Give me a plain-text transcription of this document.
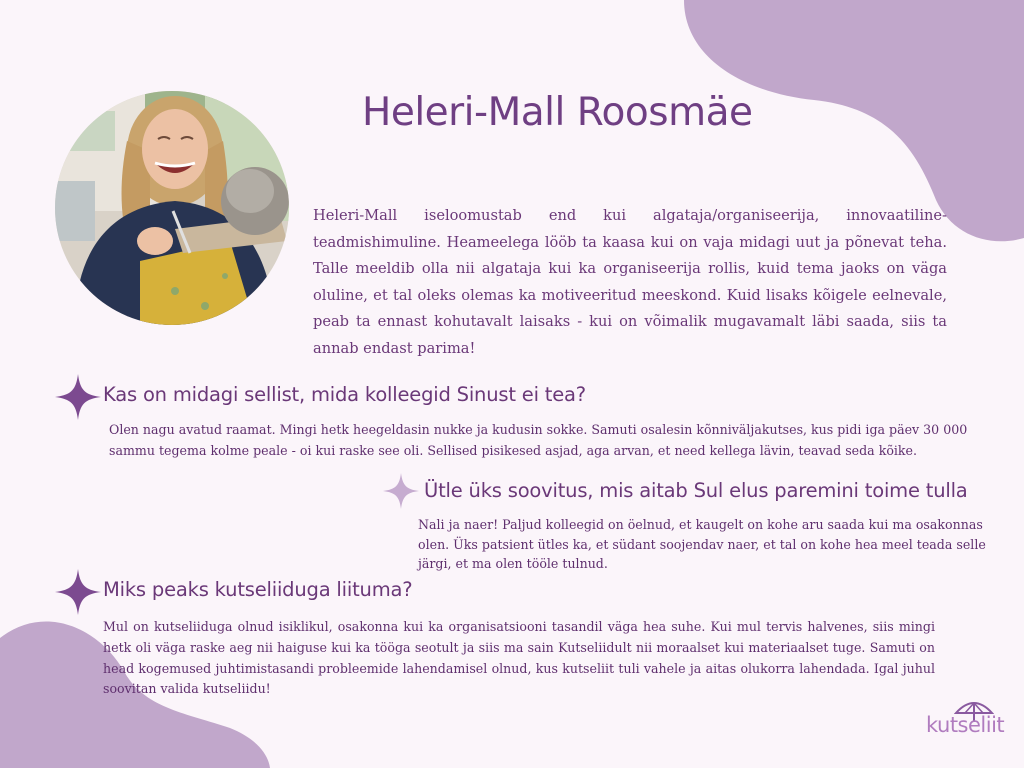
Heleri-Mall Roosmäe
Heleri-Mall iseloomustab end kui algataja/organiseerija, innovaatiline-teadmishimuline. Heameelega lööb ta kaasa kui on vaja midagi uut ja põnevat teha. Talle meeldib olla nii algataja kui ka organiseerija rollis, kuid tema jaoks on väga oluline, et tal oleks olemas ka motiveeritud meeskond. Kuid lisaks kõigele eelnevale, peab ta ennast kohutavalt laisaks - kui on võimalik mugavamalt läbi saada, siis ta annab endast parima!
Kas on midagi sellist, mida kolleegid Sinust ei tea?
Olen nagu avatud raamat. Mingi hetk heegeldasin nukke ja kudusin sokke. Samuti osalesin kõnniväljakutses, kus pidi iga päev 30 000 sammu tegema kolme peale - oi kui raske see oli. Sellised pisikesed asjad, aga arvan, et need kellega lävin, teavad seda kõike.
Ütle üks soovitus, mis aitab Sul elus paremini toime tulla
Nali ja naer! Paljud kolleegid on öelnud, et kaugelt on kohe aru saada kui ma osakonnas olen. Üks patsient ütles ka, et südant soojendav naer, et tal on kohe hea meel teada selle järgi, et ma olen tööle tulnud.
Miks peaks kutseliiduga liituma?
Mul on kutseliiduga olnud isiklikul, osakonna kui ka organisatsiooni tasandil väga hea suhe. Kui mul tervis halvenes, siis mingi hetk oli väga raske aeg nii haiguse kui ka tööga seotult ja siis ma sain Kutseliidult nii moraalset kui materiaalset tuge. Samuti on head kogemused juhtimistasandi probleemide lahendamisel olnud, kus kutseliit tuli vahele ja aitas olukorra lahendada. Igal juhul soovitan valida kutseliidu!
kutseliit
